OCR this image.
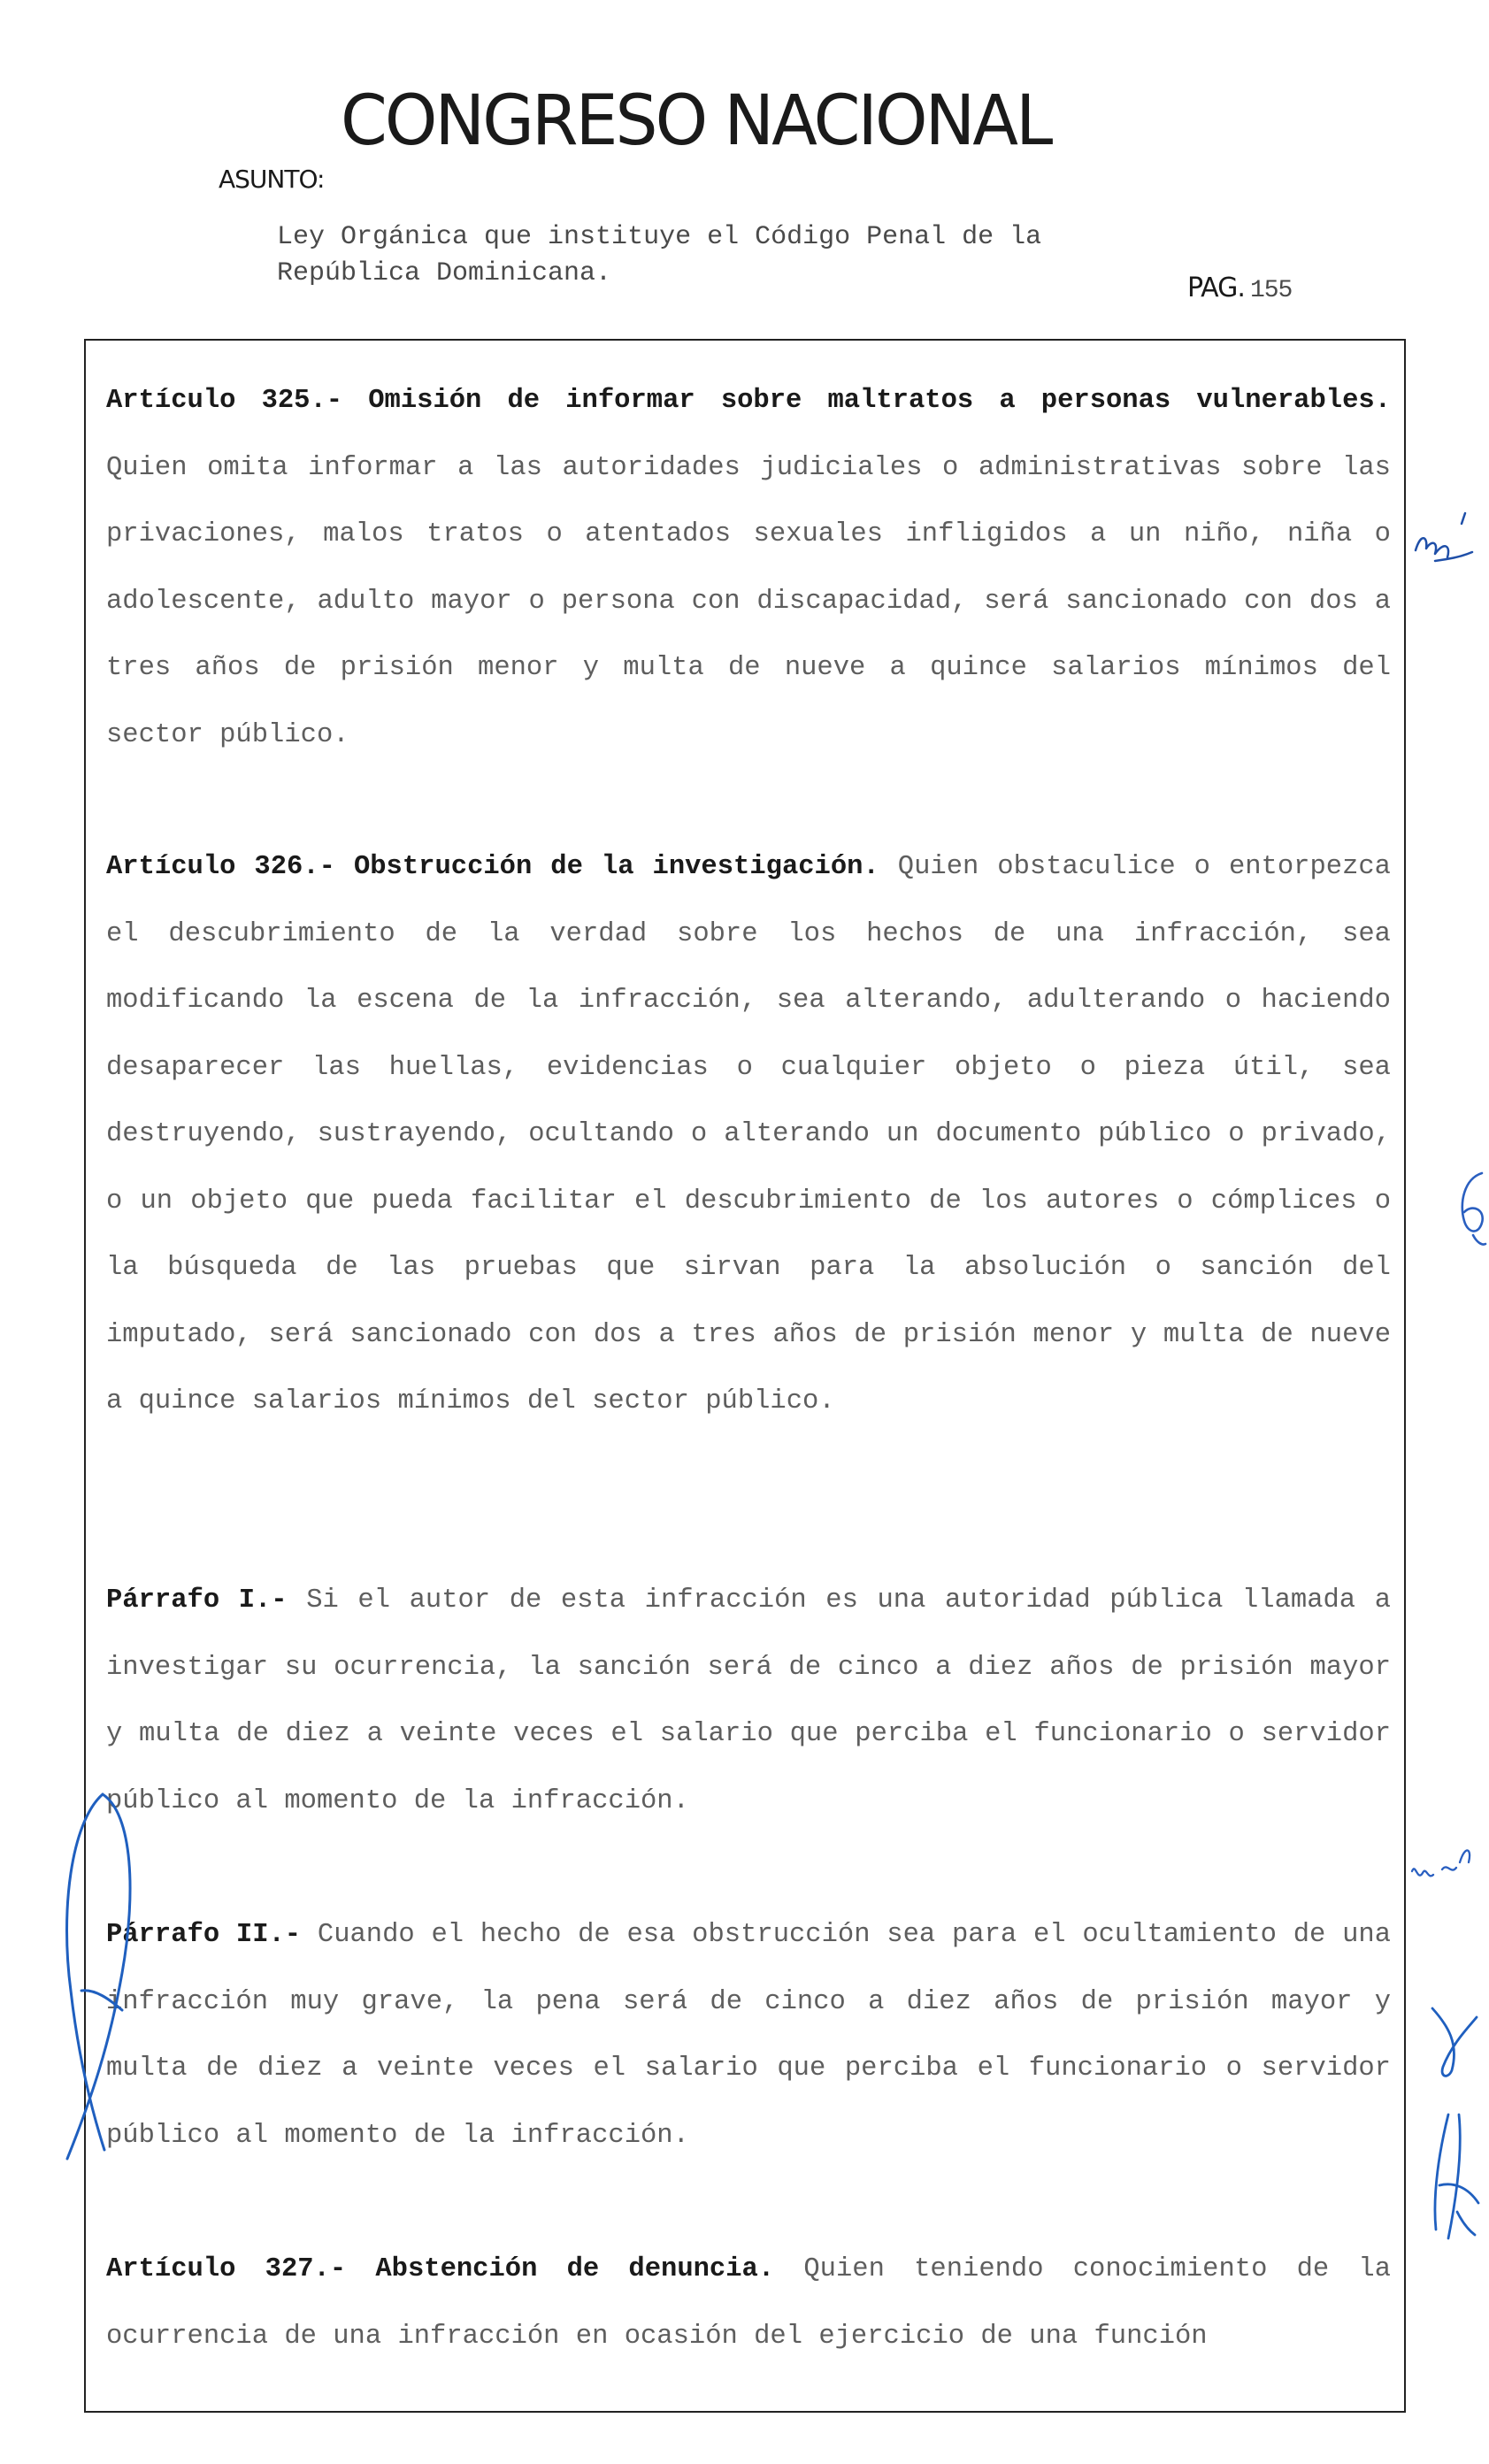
CONGRESO NACIONAL
ASUNTO:
Ley Orgánica que instituye el Código Penal de la
República Dominicana.	PAG. 155
Artículo 325.- Omisión de informar sobre maltratos a personas vulnerables. Quien omita informar a las autoridades judiciales o administrativas sobre las privaciones, malos tratos o atentados sexuales infligidos a un niño, niña o adolescente, adulto mayor o persona con discapacidad, será sancionado con dos a tres años de prisión menor y multa de nueve a quince salarios mínimos del sector público.
Artículo 326.- Obstrucción de la investigación. Quien obstaculice o entorpezca el descubrimiento de la verdad sobre los hechos de una infracción, sea modificando la escena de la infracción, sea alterando, adulterando o haciendo desaparecer las huellas, evidencias o cualquier objeto o pieza útil, sea destruyendo, sustrayendo, ocultando o alterando un documento público o privado, o un objeto que pueda facilitar el descubrimiento de los autores o cómplices o la búsqueda de las pruebas que sirvan para la absolución o sanción del imputado, será sancionado con dos a tres años de prisión menor y multa de nueve a quince salarios mínimos del sector público.
Párrafo I.- Si el autor de esta infracción es una autoridad pública llamada a investigar su ocurrencia, la sanción será de cinco a diez años de prisión mayor y multa de diez a veinte veces el salario que perciba el funcionario o servidor público al momento de la infracción.
Párrafo II.- Cuando el hecho de esa obstrucción sea para el ocultamiento de una infracción muy grave, la pena será de cinco a diez años de prisión mayor y multa de diez a veinte veces el salario que perciba el funcionario o servidor público al momento de la infracción.
Artículo 327.- Abstención de denuncia. Quien teniendo conocimiento de la ocurrencia de una infracción en ocasión del ejercicio de una función
